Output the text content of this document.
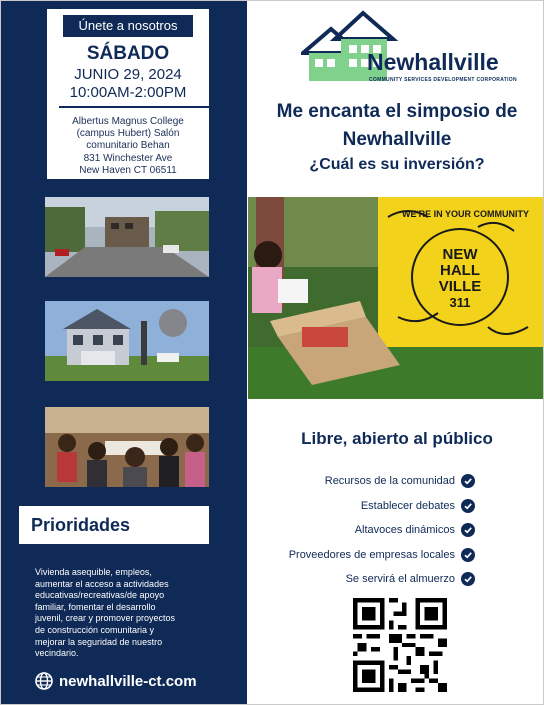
Únete a nosotros
SÁBADO
JUNIO 29, 2024
10:00AM-2:00PM
Albertus Magnus College
(campus Hubert) Salón
comunitario Behan
831 Winchester Ave
New Haven CT 06511
Prioridades
Vivienda asequible, empleos,
aumentar el acceso a actividades
educativas/recreativas/de apoyo
familiar, fomentar el desarrollo
juvenil, crear y promover proyectos
de construcción comunitaria y
mejorar la seguridad de nuestro
vecindario.
newhallville-ct.com
Newhallville
COMMUNITY SERVICES DEVELOPMENT CORPORATION
Me encanta el simposio de
Newhallville
¿Cuál es su inversión?
WE'RE IN YOUR COMMUNITY
NEW
HALL
VILLE
311
Libre, abierto al público
Recursos de la comunidad
Establecer debates
Altavoces dinámicos
Proveedores de empresas locales
Se servirá el almuerzo
